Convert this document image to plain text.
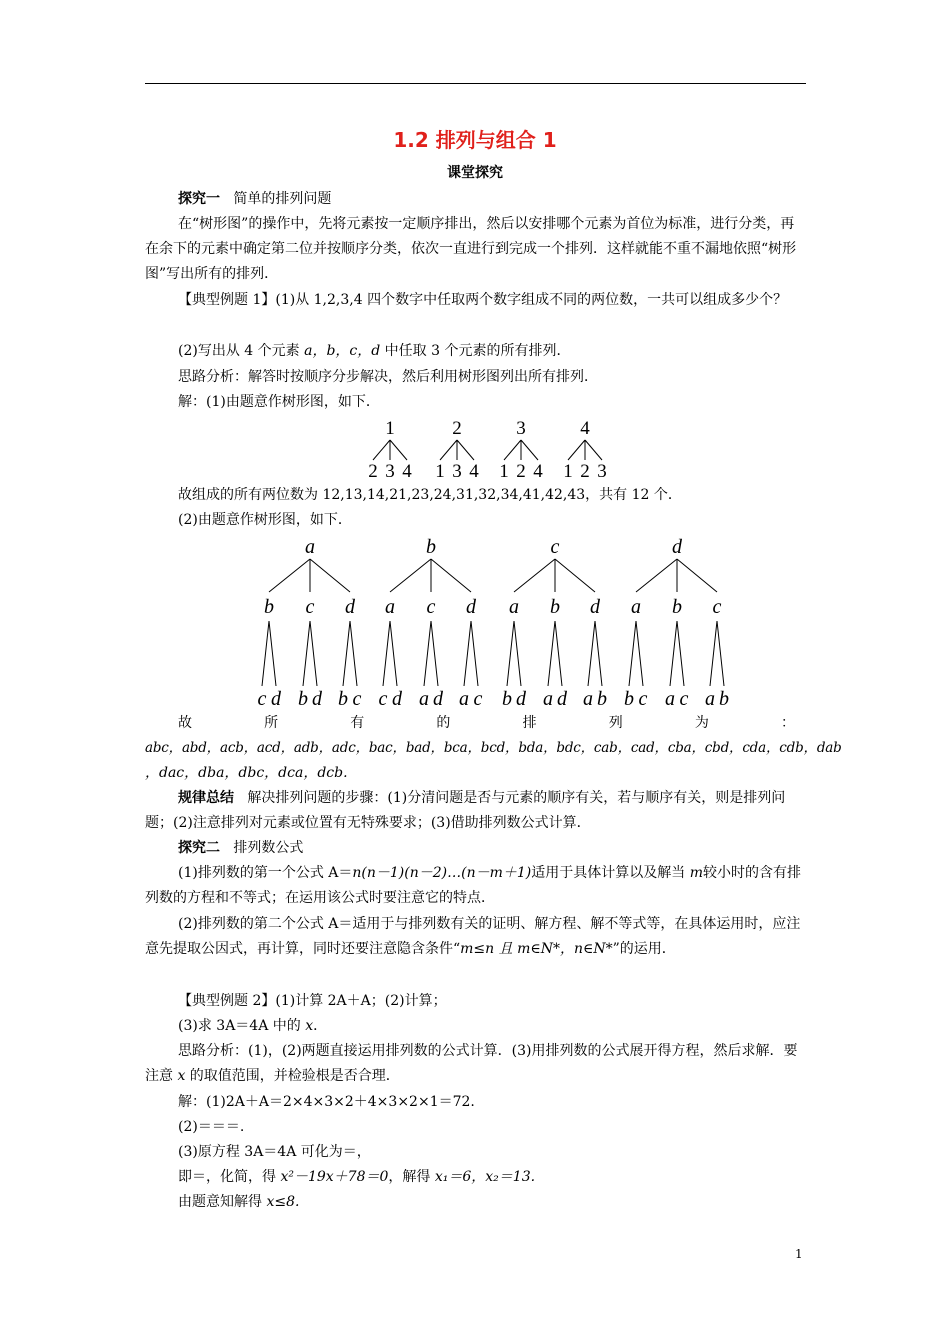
1.2 排列与组合 1
课堂探究

探究一 简单的排列问题

在“树形图”的操作中，先将元素按一定顺序排出，然后以安排哪个元素为首位为标准，进行分类，再在余下的元素中确定第二位并按顺序分类，依次一直进行到完成一个排列．这样就能不重不漏地依照“树形图”写出所有的排列．

【典型例题 1】(1)从 1,2,3,4 四个数字中任取两个数字组成不同的两位数，一共可以组成多少个？

(2)写出从 4 个元素 a，b，c，d 中任取 3 个元素的所有排列．

思路分析：解答时按顺序分步解决，然后利用树形图列出所有排列．

解：(1)由题意作树形图，如下．

1
2 3 4
2
1 3 4
3
1 2 4
4
1 2 3

故组成的所有两位数为 12,13,14,21,23,24,31,32,34,41,42,43，共有 12 个．

(2)由题意作树形图，如下．

a
b
c d
c
b d
d
b c
b
a
c d
c
a d
d
a c
c
a
b d
b
a d
d
a b
d
a
b c
b
a c
c
a b
故	所	有	的	排	列	为	：

abc，abd，acb，acd，adb，adc，bac，bad，bca，bcd，bda，bdc，cab，cad，cba，cbd，cda，cdb，dab

，dac，dba，dbc，dca，dcb.

规律总结 解决排列问题的步骤：(1)分清问题是否与元素的顺序有关，若与顺序有关，则是排列问题；(2)注意排列对元素或位置有无特殊要求；(3)借助排列数公式计算．

探究二 排列数公式

(1)排列数的第一个公式 A＝n(n－1)(n－2)…(n－m＋1)适用于具体计算以及解当 m较小时的含有排列数的方程和不等式；在运用该公式时要注意它的特点．

(2)排列数的第二个公式 A＝适用于与排列数有关的证明、解方程、解不等式等，在具体运用时，应注意先提取公因式，再计算，同时还要注意隐含条件“m≤n 且 m∈N*，n∈N*”的运用．

【典型例题 2】(1)计算 2A＋A；(2)计算；

(3)求 3A＝4A 中的 x．

思路分析：(1)，(2)两题直接运用排列数的公式计算．(3)用排列数的公式展开得方程，然后求解．要注意 x 的取值范围，并检验根是否合理．

解：(1)2A＋A＝2×4×3×2＋4×3×2×1＝72.

(2)＝＝＝.

(3)原方程 3A＝4A 可化为＝，

即＝，化简，得 x²－19x＋78＝0，解得 x₁＝6，x₂＝13.

由题意知解得 x≤8.

1
